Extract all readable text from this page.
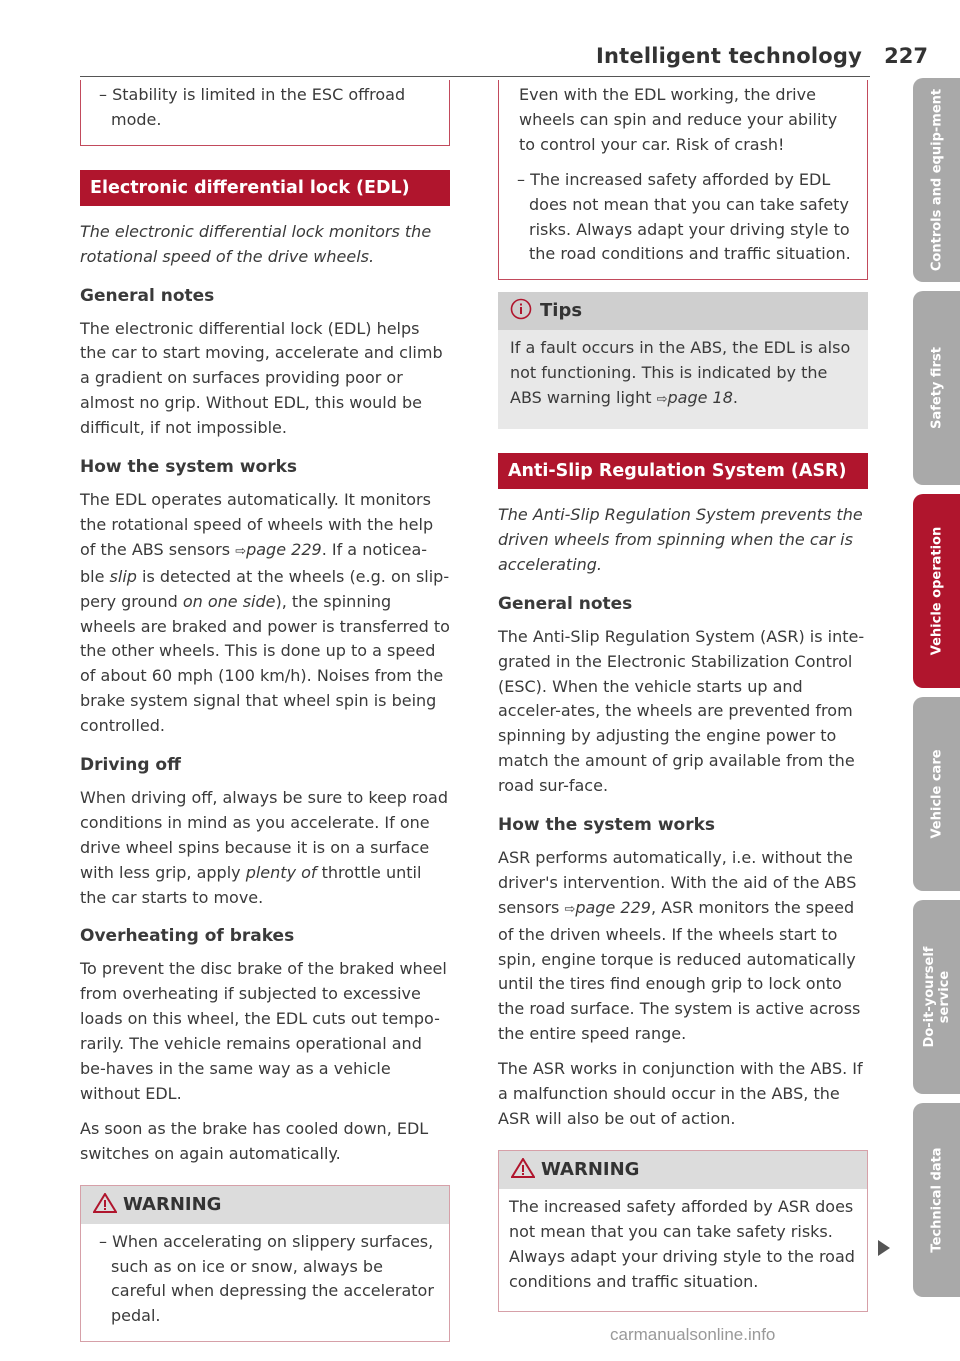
Intelligent technology 227

– Stability is limited in the ESC offroad mode.

Electronic differential lock (EDL)

The electronic differential lock monitors the rotational speed of the drive wheels.

General notes

The electronic differential lock (EDL) helps the car to start moving, accelerate and climb a gradient on surfaces providing poor or almost no grip. Without EDL, this would be difficult, if not impossible.

How the system works

The EDL operates automatically. It monitors the rotational speed of wheels with the help of the ABS sensors ⇨page 229. If a noticea-ble slip is detected at the wheels (e.g. on slip-pery ground on one side), the spinning wheels are braked and power is transferred to the other wheels. This is done up to a speed of about 60 mph (100 km/h). Noises from the brake system signal that wheel spin is being controlled.

Driving off

When driving off, always be sure to keep road conditions in mind as you accelerate. If one drive wheel spins because it is on a surface with less grip, apply plenty of throttle until the car starts to move.

Overheating of brakes

To prevent the disc brake of the braked wheel from overheating if subjected to excessive loads on this wheel, the EDL cuts out tempo-rarily. The vehicle remains operational and be-haves in the same way as a vehicle without EDL.

As soon as the brake has cooled down, EDL switches on again automatically.

WARNING

– When accelerating on slippery surfaces, such as on ice or snow, always be careful when depressing the accelerator pedal.

Even with the EDL working, the drive wheels can spin and reduce your ability to control your car. Risk of crash!

– The increased safety afforded by EDL does not mean that you can take safety risks. Always adapt your driving style to the road conditions and traffic situation.

Tips

If a fault occurs in the ABS, the EDL is also not functioning. This is indicated by the ABS warning light ⇨page 18.

Anti-Slip Regulation System (ASR)

The Anti-Slip Regulation System prevents the driven wheels from spinning when the car is accelerating.

General notes

The Anti-Slip Regulation System (ASR) is inte-grated in the Electronic Stabilization Control (ESC). When the vehicle starts up and acceler-ates, the wheels are prevented from spinning by adjusting the engine power to match the amount of grip available from the road sur-face.

How the system works

ASR performs automatically, i.e. without the driver's intervention. With the aid of the ABS sensors ⇨page 229, ASR monitors the speed of the driven wheels. If the wheels start to spin, engine torque is reduced automatically until the tires find enough grip to lock onto the road surface. The system is active across the entire speed range.

The ASR works in conjunction with the ABS. If a malfunction should occur in the ABS, the ASR will also be out of action.

WARNING

The increased safety afforded by ASR does not mean that you can take safety risks. Always adapt your driving style to the road conditions and traffic situation.

Controls and equip-ment
Safety first
Vehicle operation
Vehicle care
Do-it-yourself service
Technical data
carmanualsonline.info
